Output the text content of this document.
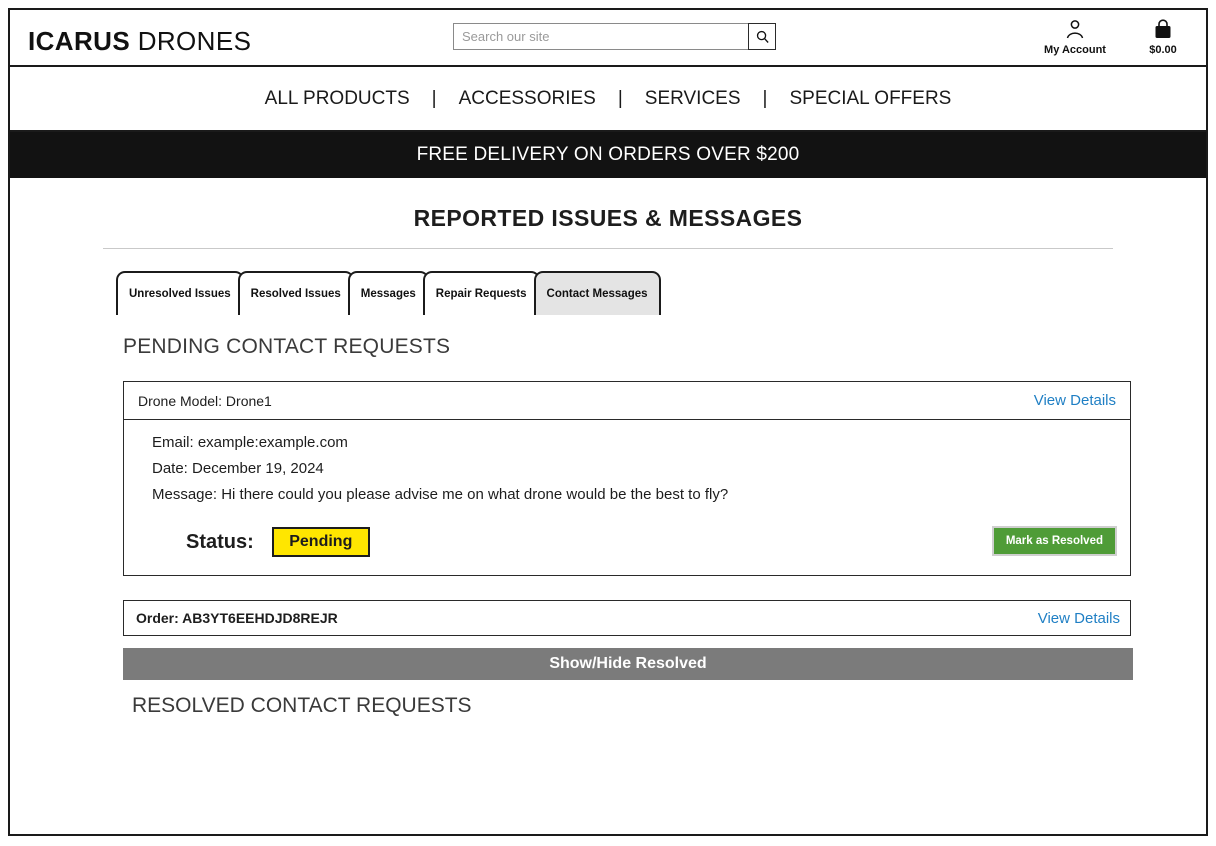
ICARUS DRONES
Search our site	My Account	$0.00
ALL PRODUCTS	|	ACCESSORIES	|	SERVICES	|	SPECIAL OFFERS
FREE DELIVERY ON ORDERS OVER $200
REPORTED ISSUES & MESSAGES
Unresolved Issues	Resolved Issues	Messages	Repair Requests	Contact Messages
PENDING CONTACT REQUESTS
Drone Model: Drone1	View Details
Email: example:example.com
Date: December 19, 2024
Message: Hi there could you please advise me on what drone would be the best to fly?
Status:	Pending	Mark as Resolved
Order: AB3YT6EEHDJD8REJR	View Details
Show/Hide Resolved
RESOLVED CONTACT REQUESTS
